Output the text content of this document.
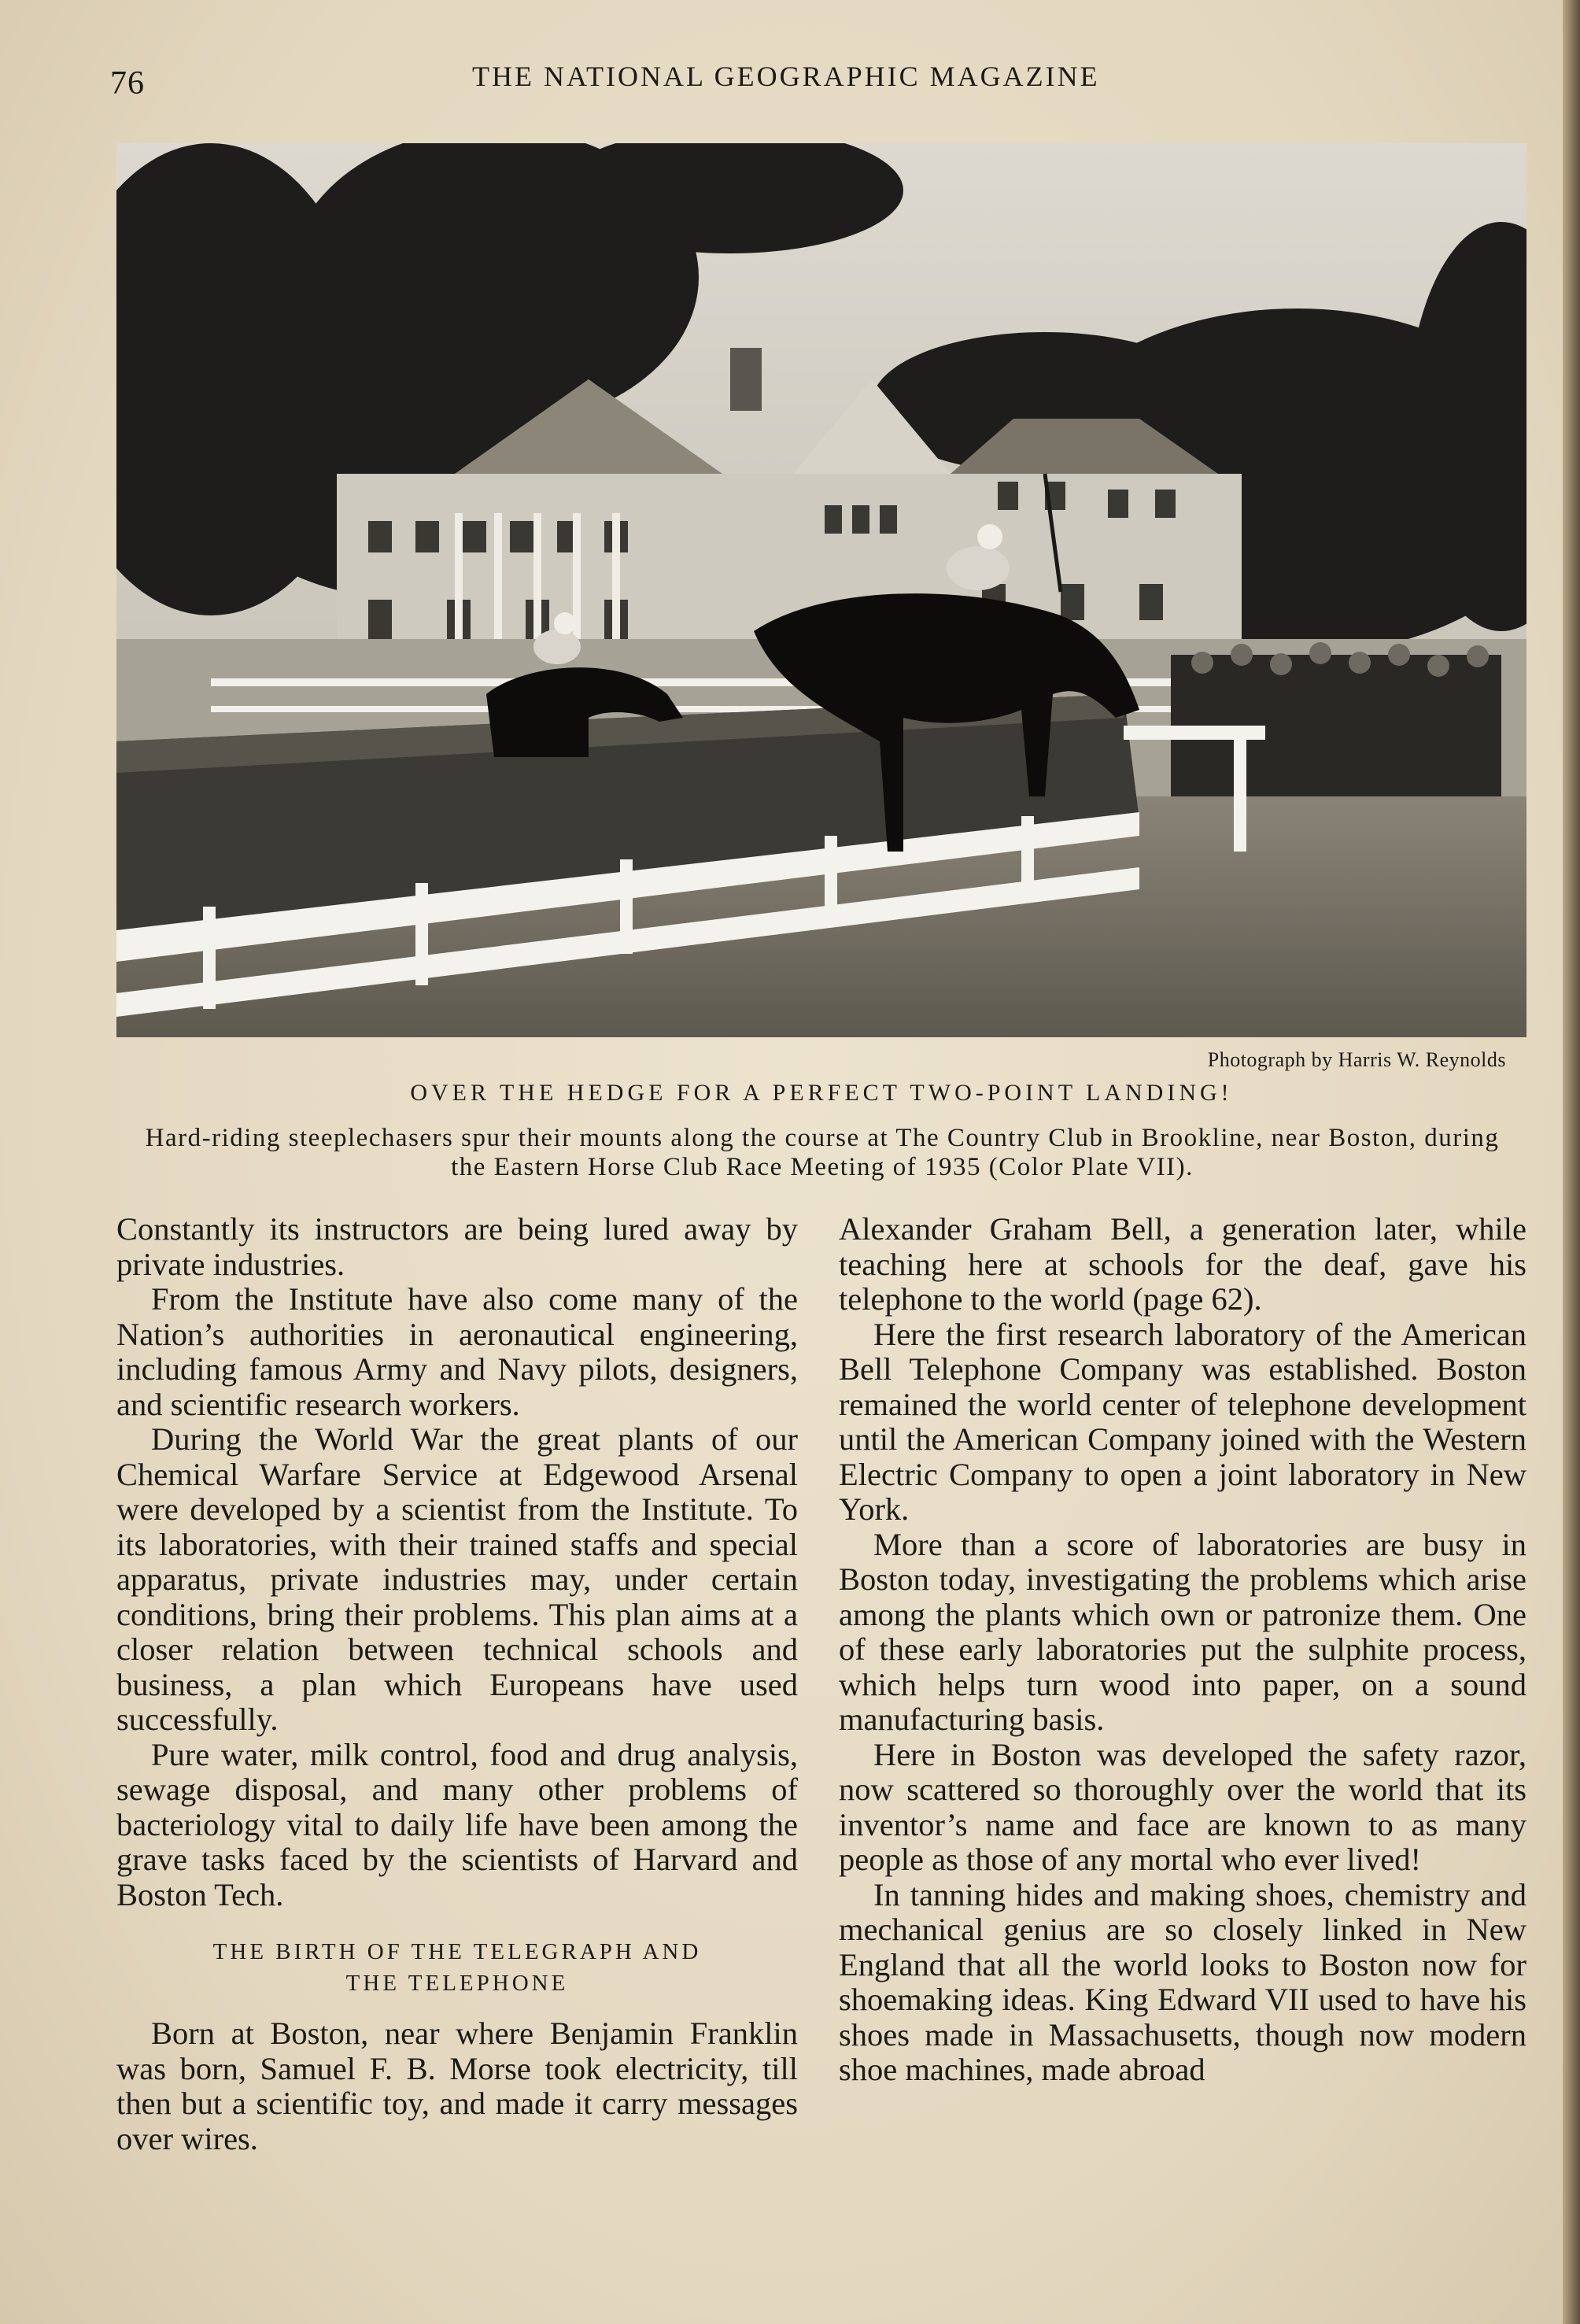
76	THE NATIONAL GEOGRAPHIC MAGAZINE
Photograph by Harris W. Reynolds
OVER THE HEDGE FOR A PERFECT TWO-POINT LANDING!
Hard-riding steeplechasers spur their mounts along the course at The Country Club in Brookline, near Boston, during the Eastern Horse Club Race Meeting of 1935 (Color Plate VII).

Constantly its instructors are being lured away by private industries.

From the Institute have also come many of the Nation’s authorities in aeronautical engineering, including famous Army and Navy pilots, designers, and scientific research workers.

During the World War the great plants of our Chemical Warfare Service at Edgewood Arsenal were developed by a scientist from the Institute. To its laboratories, with their trained staffs and special apparatus, private industries may, under certain conditions, bring their problems. This plan aims at a closer relation between technical schools and business, a plan which Europeans have used successfully.

Pure water, milk control, food and drug analysis, sewage disposal, and many other problems of bacteriology vital to daily life have been among the grave tasks faced by the scientists of Harvard and Boston Tech.

THE BIRTH OF THE TELEGRAPH AND
THE TELEPHONE

Born at Boston, near where Benjamin Franklin was born, Samuel F. B. Morse took electricity, till then but a scientific toy, and made it carry messages over wires.

Alexander Graham Bell, a generation later, while teaching here at schools for the deaf, gave his telephone to the world (page 62).

Here the first research laboratory of the American Bell Telephone Company was established. Boston remained the world center of telephone development until the American Company joined with the Western Electric Company to open a joint laboratory in New York.

More than a score of laboratories are busy in Boston today, investigating the problems which arise among the plants which own or patronize them. One of these early laboratories put the sulphite process, which helps turn wood into paper, on a sound manufacturing basis.

Here in Boston was developed the safety razor, now scattered so thoroughly over the world that its inventor’s name and face are known to as many people as those of any mortal who ever lived!

In tanning hides and making shoes, chemistry and mechanical genius are so closely linked in New England that all the world looks to Boston now for shoemaking ideas. King Edward VII used to have his shoes made in Massachusetts, though now modern shoe machines, made abroad
